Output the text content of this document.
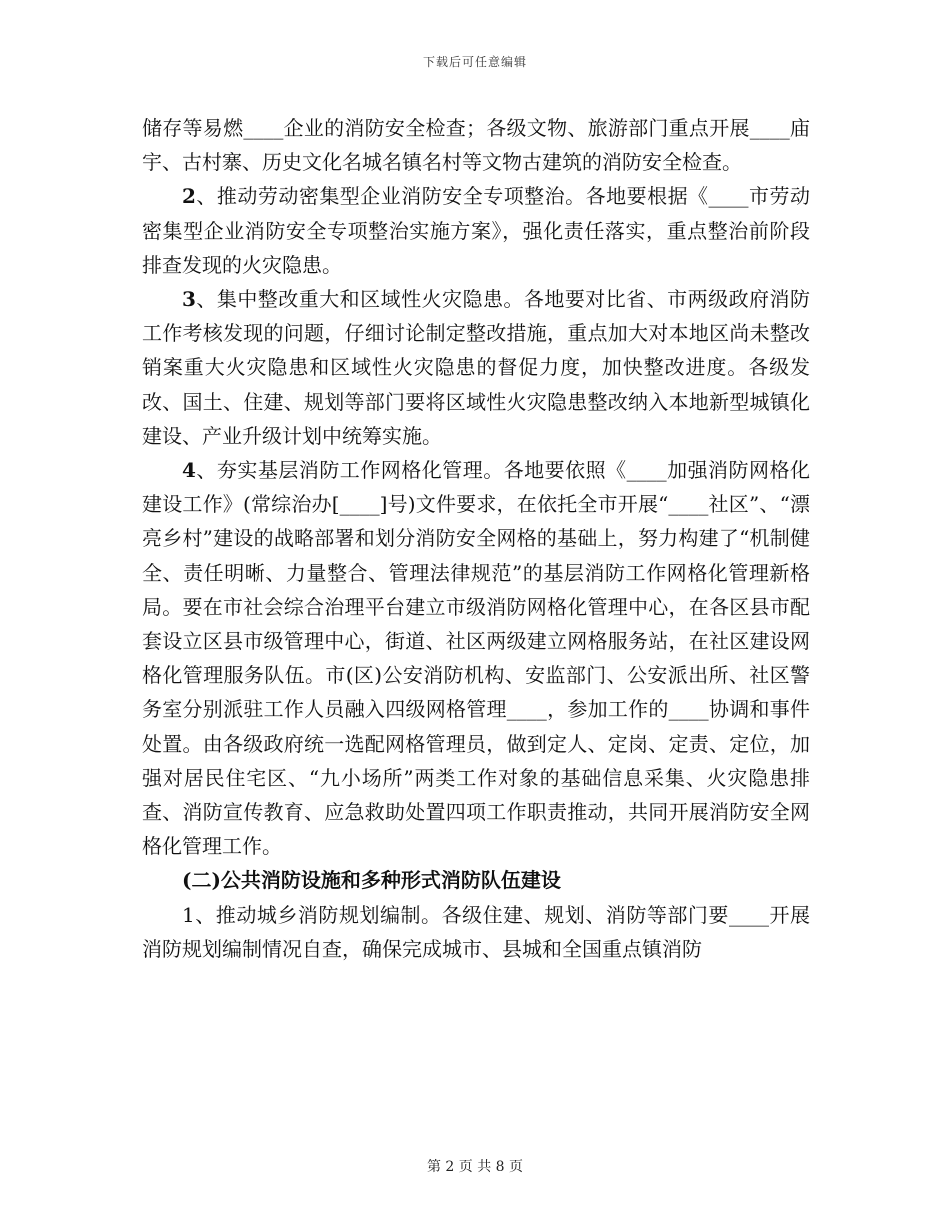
下载后可任意编辑

储存等易燃____企业的消防安全检查；各级文物、旅游部门重点开展____庙宇、古村寨、历史文化名城名镇名村等文物古建筑的消防安全检查。

2、推动劳动密集型企业消防安全专项整治。各地要根据《____市劳动密集型企业消防安全专项整治实施方案》，强化责任落实，重点整治前阶段排查发现的火灾隐患。

3、集中整改重大和区域性火灾隐患。各地要对比省、市两级政府消防工作考核发现的问题，仔细讨论制定整改措施，重点加大对本地区尚未整改销案重大火灾隐患和区域性火灾隐患的督促力度，加快整改进度。各级发改、国土、住建、规划等部门要将区域性火灾隐患整改纳入本地新型城镇化建设、产业升级计划中统筹实施。

4、夯实基层消防工作网格化管理。各地要依照《____加强消防网格化建设工作》(常综治办[____]号)文件要求，在依托全市开展“____社区”、“漂亮乡村”建设的战略部署和划分消防安全网格的基础上，努力构建了“机制健全、责任明晰、力量整合、管理法律规范”的基层消防工作网格化管理新格局。要在市社会综合治理平台建立市级消防网格化管理中心，在各区县市配套设立区县市级管理中心，街道、社区两级建立网格服务站，在社区建设网格化管理服务队伍。市(区)公安消防机构、安监部门、公安派出所、社区警务室分别派驻工作人员融入四级网格管理____，参加工作的____协调和事件处置。由各级政府统一选配网格管理员，做到定人、定岗、定责、定位，加强对居民住宅区、“九小场所”两类工作对象的基础信息采集、火灾隐患排查、消防宣传教育、应急救助处置四项工作职责推动，共同开展消防安全网格化管理工作。

(二)公共消防设施和多种形式消防队伍建设

1、推动城乡消防规划编制。各级住建、规划、消防等部门要____开展消防规划编制情况自查，确保完成城市、县城和全国重点镇消防

第 2 页 共 8 页
